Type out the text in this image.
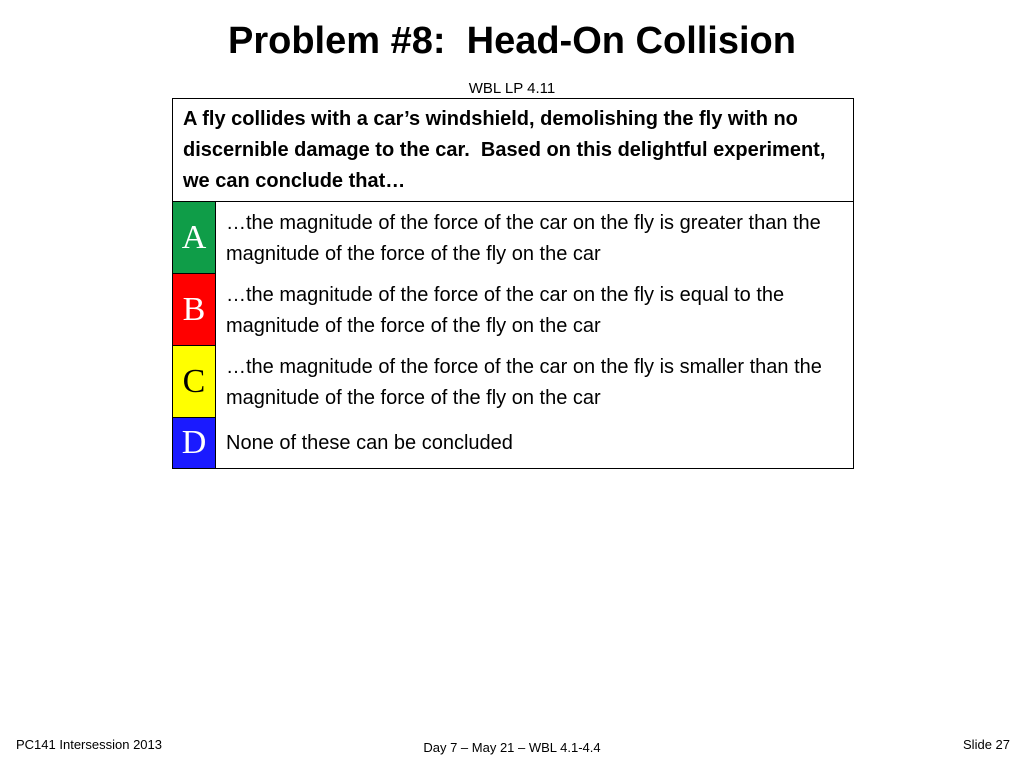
Problem #8:  Head-On Collision
WBL LP 4.11
A fly collides with a car’s windshield, demolishing the fly with no discernible damage to the car.  Based on this delightful experiment, we can conclude that…
A …the magnitude of the force of the car on the fly is greater than the magnitude of the force of the fly on the car
B	…the magnitude of the force of the car on the fly is equal to the magnitude of the force of the fly on the car
C	…the magnitude of the force of the car on the fly is smaller than the magnitude of the force of the fly on the car
D None of these can be concluded
PC141 Intersession 2013	Day 7 – May 21 – WBL 4.1-4.4	Slide 27
